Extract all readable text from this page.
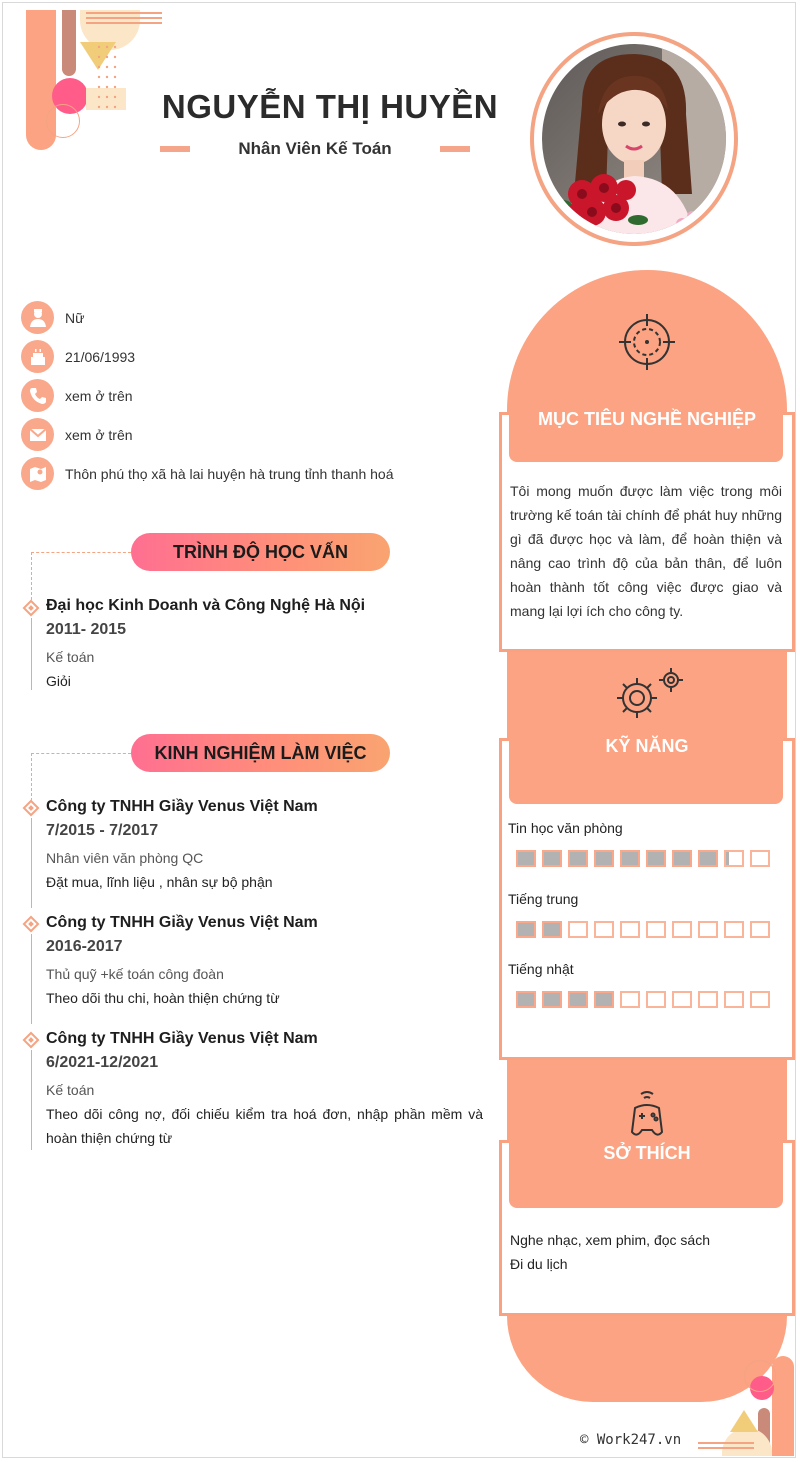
NGUYỄN THỊ HUYỀN
Nhân Viên Kế Toán
Nữ
21/06/1993
xem ở trên
xem ở trên
Thôn phú thọ xã hà lai huyện hà trung tỉnh thanh hoá
TRÌNH ĐỘ HỌC VẤN
Đại học Kinh Doanh và Công Nghệ Hà Nội
2011- 2015
Kế toán
Giỏi
KINH NGHIỆM LÀM VIỆC
Công ty TNHH Giầy Venus Việt Nam
7/2015 - 7/2017
Nhân viên văn phòng QC
Đặt mua, lĩnh liệu , nhân sự bộ phận
Công ty TNHH Giầy Venus Việt Nam
2016-2017
Thủ quỹ +kế toán công đoàn
Theo dõi thu chi, hoàn thiện chứng từ
Công ty TNHH Giầy Venus Việt Nam
6/2021-12/2021
Kế toán
Theo dõi công nợ, đối chiếu kiểm tra hoá đơn, nhập phần mềm và hoàn thiện chứng từ
MỤC TIÊU NGHỀ NGHIỆP
Tôi mong muốn được làm việc trong môi trường kế toán tài chính để phát huy những gì đã được học và làm, để hoàn thiện và nâng cao trình độ của bản thân, để luôn hoàn thành tốt công việc được giao và mang lại lợi ích cho công ty.
KỸ NĂNG
Tin học văn phòng
Tiếng trung
Tiếng nhật
SỞ THÍCH
Nghe nhạc, xem phim, đọc sách
Đi du lịch
© Work247.vn
